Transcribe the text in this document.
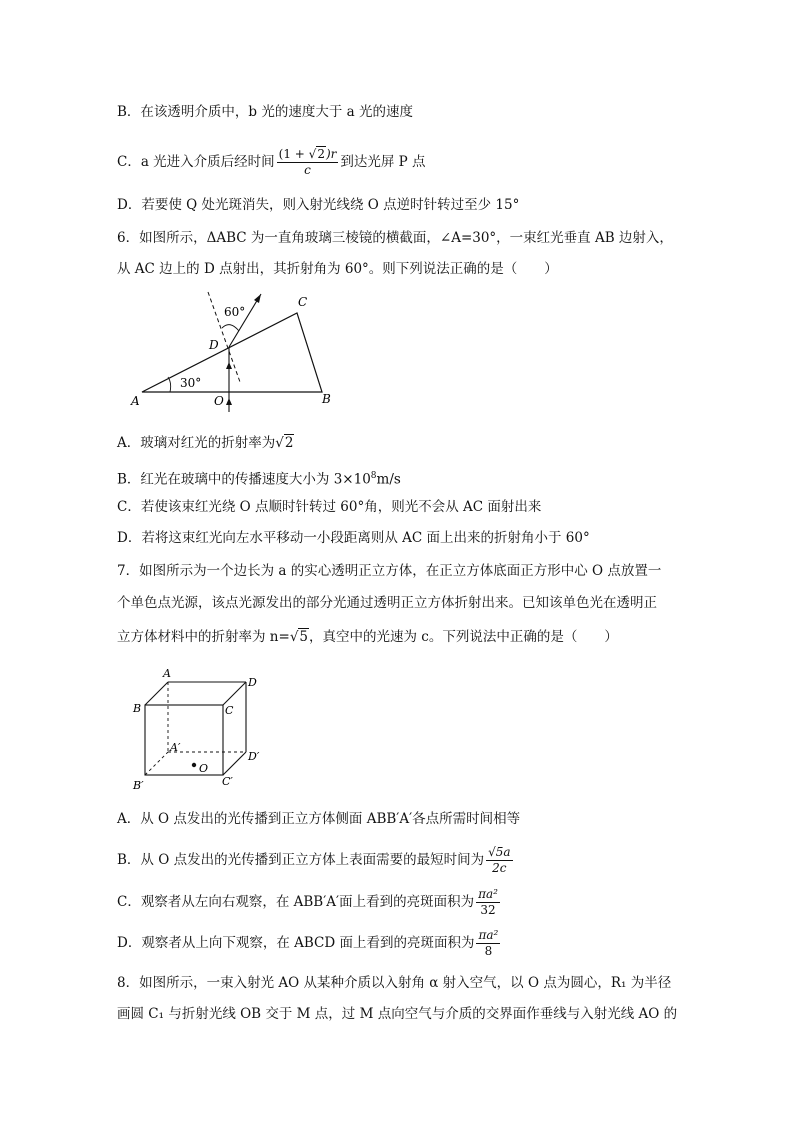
B．在该透明介质中，b 光的速度大于 a 光的速度
C．a 光进入介质后经时间 $\frac{(1 + √2)r}{c}$ 到达光屏 P 点
D．若要使 Q 处光斑消失，则入射光线绕 O 点逆时针转过至少 15°
6．如图所示，ΔABC 为一直角玻璃三棱镜的横截面，∠A=30°，一束红光垂直 AB 边射入，
从 AC 边上的 D 点射出，其折射角为 60°。则下列说法正确的是（　　）
60°
30°
A	B
C
D
O
A．玻璃对红光的折射率为√2
B．红光在玻璃中的传播速度大小为 $3\times 10^8m/s$
C．若使该束红光绕 O 点顺时针转过 60°角，则光不会从 AC 面射出来
D．若将这束红光向左水平移动一小段距离则从 AC 面上出来的折射角小于 60°
7．如图所示为一个边长为 a 的实心透明正立方体，在正立方体底面正方形中心 O 点放置一
个单色点光源，该点光源发出的部分光通过透明正立方体折射出来。已知该单色光在透明正
立方体材料中的折射率为 n=√5，真空中的光速为 c。下列说法中正确的是（　　）
A
D
B	C
A′
D′
B′	C′
O
A．从 O 点发出的光传播到正立方体侧面 ABB′A′各点所需时间相等
B．从 O 点发出的光传播到正立方体上表面需要的最短时间为 $\frac{√5a}{2c}$
C．观察者从左向右观察，在 ABB′A′面上看到的亮斑面积为 $\frac{\text{πa²}}{32}$
D．观察者从上向下观察，在 ABCD 面上看到的亮斑面积为 $\frac{\text{πa²}}{8}$
8．如图所示，一束入射光 AO 从某种介质以入射角 α 射入空气，以 O 点为圆心，R₁ 为半径
画圆 C₁ 与折射光线 OB 交于 M 点，过 M 点向空气与介质的交界面作垂线与入射光线 AO 的
